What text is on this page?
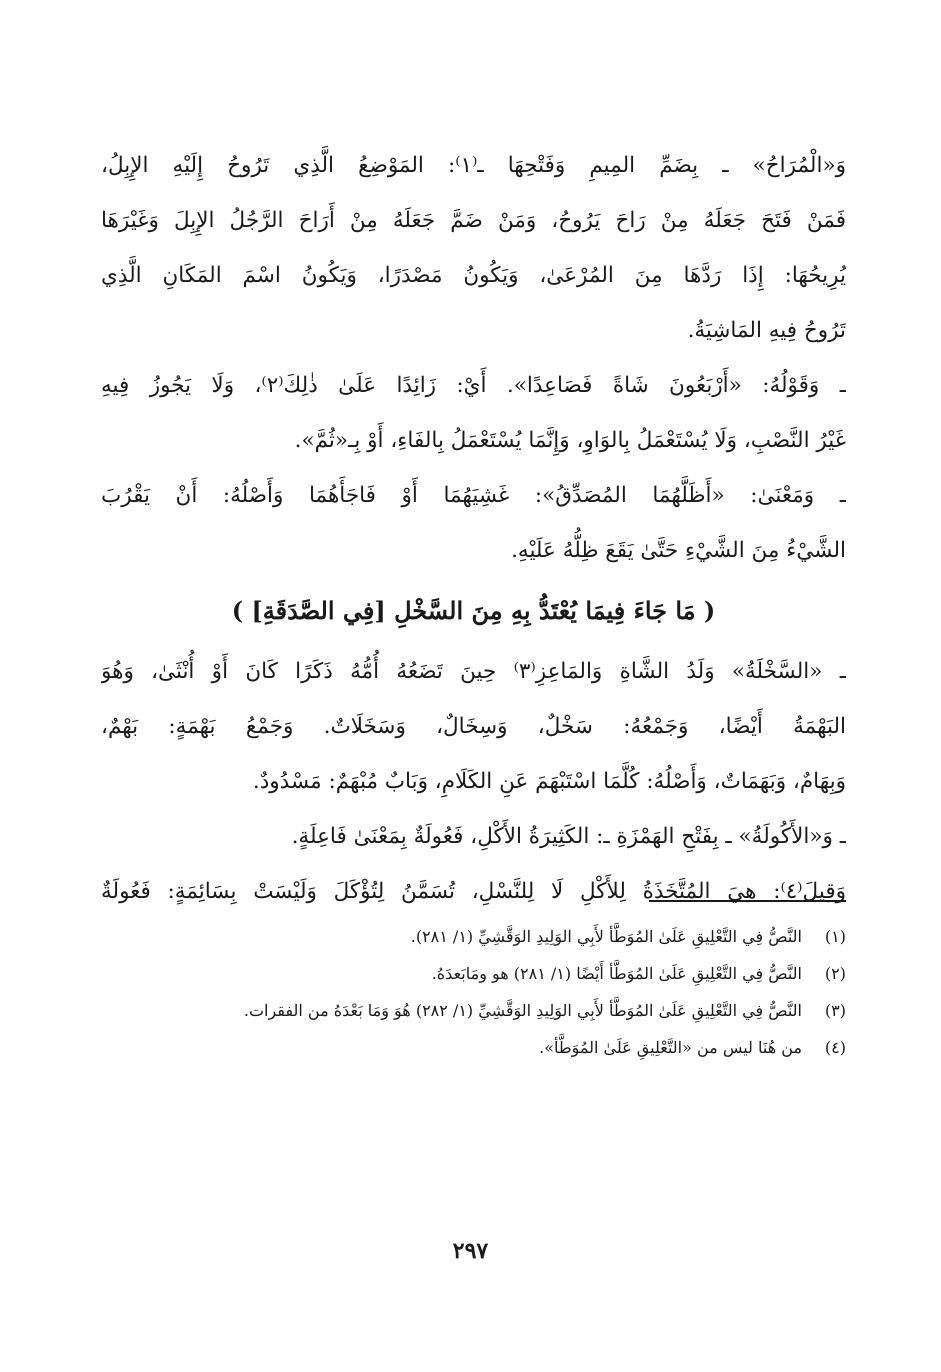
وَ«الْمُرَاحُ» ـ بِضَمِّ المِيمِ وَفَتْحِهَا ـ⁽١⁾: المَوْضِعُ الَّذِي تَرُوحُ إِلَيْهِ الإِبِلُ،
فَمَنْ فَتَحَ جَعَلَهُ مِنْ رَاحَ يَرُوحُ، وَمَنْ ضَمَّ جَعَلَهُ مِنْ أَرَاحَ الرَّجُلُ الإِبِلَ وَغَيْرَهَا
يُرِيحُهَا: إِذَا رَدَّهَا مِنَ المُرْعَىٰ، وَيَكُونُ مَصْدَرًا، وَيَكُونُ اسْمَ المَكَانِ الَّذِي
تَرُوحُ فِيهِ المَاشِيَةُ.
ـ وَقَوْلُهُ: «أَرْبَعُونَ شَاةً فَصَاعِدًا». أَيْ: زَائِدًا عَلَىٰ ذٰلِكَ⁽٢⁾، وَلَا يَجُوزُ فِيهِ
غَيْرُ النَّصْبِ، وَلَا يُسْتَعْمَلُ بِالوَاوِ، وَإِنَّمَا يُسْتَعْمَلُ بِالفَاءِ، أَوْ بِـ«ثُمَّ».
ـ وَمَعْنَىٰ: «أَظَلَّهُمَا المُصَدِّقُ»: غَشِيَهُمَا أَوْ فَاجَأَهُمَا وَأَصْلُهُ: أَنْ يَقْرُبَ
الشَّيْءُ مِنَ الشَّيْءِ حَتَّىٰ يَقَعَ ظِلُّهُ عَلَيْهِ.
( مَا جَاءَ فِيمَا يُعْتَدُّ بِهِ مِنَ السَّخْلِ [فِي الصَّدَقَةِ] )
ـ «السَّخْلَةُ» وَلَدُ الشَّاةِ وَالمَاعِزِ⁽٣⁾ حِينَ تَضَعُهُ أُمُّهُ ذَكَرًا كَانَ أَوْ أُنْثَىٰ، وَهُوَ
البَهْمَةُ أَيْضًا، وَجَمْعُهُ: سَخْلٌ، وَسِخَالٌ، وَسَخَلَاتٌ. وَجَمْعُ بَهْمَةٍ: بَهْمٌ،
وَبِهَامٌ، وَبَهَمَاتٌ، وَأَصْلُهُ: كُلَّمَا اسْتَبْهَمَ عَنِ الكَلَامِ، وَبَابٌ مُبْهَمٌ: مَسْدُودٌ.
ـ وَ«الأَكُولَةُ» ـ بِفَتْحِ الهَمْزَةِ ـ: الكَثِيرَةُ الأَكْلِ، فَعُولَةٌ بِمَعْنَىٰ فَاعِلَةٍ.
وَقِيلَ⁽٤⁾: هِيَ المُتَّخَذَةُ لِلأَكْلِ لَا لِلنَّسْلِ، تُسَمَّنُ لِتُؤْكَلَ وَلَيْسَتْ بِسَائِمَةٍ: فَعُولَةٌ
(١)
النَّصُّ فِي التَّعْلِيقِ عَلَىٰ المُوَطَّأ لأَبِي الوَلِيدِ الوَقَّشِيِّ (١/ ٢٨١).
(٢)
النَّصُّ فِي التَّعْلِيقِ عَلَىٰ المُوَطَّأ أَيْضًا (١/ ٢٨١) هو ومَابَعدَهُ.
(٣)
النَّصُّ فِي التَّعْلِيقِ عَلَىٰ المُوَطَّأ لأَبِي الوَلِيدِ الوَقَّشِيِّ (١/ ٢٨٢) هُوَ وَمَا بَعْدَهُ من الفقرات.
(٤)
من هُنَا ليس من «التَّعْلِيقِ عَلَىٰ المُوَطَّأ».
٢٩٧
